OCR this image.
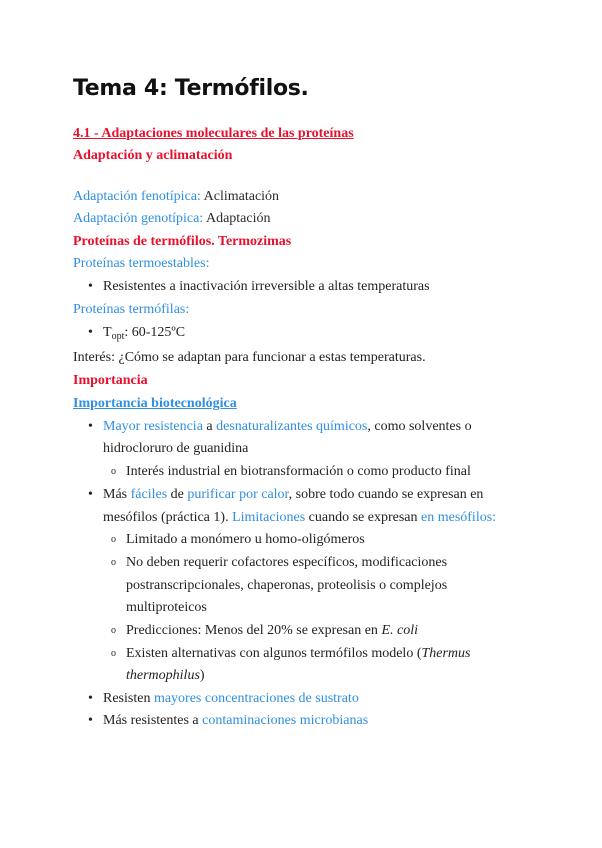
Tema 4: Termófilos.
4.1 - Adaptaciones moleculares de las proteínas
Adaptación y aclimatación
Adaptación fenotípica: Aclimatación
Adaptación genotípica: Adaptación
Proteínas de termófilos. Termozimas
Proteínas termoestables:
• Resistentes a inactivación irreversible a altas temperaturas
Proteínas termófilas:
• $T_{opt}$: 60-125ºC
Interés: ¿Cómo se adaptan para funcionar a estas temperaturas.
Importancia
Importancia biotecnológica
• Mayor resistencia a desnaturalizantes químicos, como solventes o
hidrocloruro de guanidina
o Interés industrial en biotransformación o como producto final
• Más fáciles de purificar por calor, sobre todo cuando se expresan en
mesófilos (práctica 1). Limitaciones cuando se expresan en mesófilos:
o Limitado a monómero u homo-oligómeros
o No deben requerir cofactores específicos, modificaciones
postranscripcionales, chaperonas, proteolisis o complejos
multiproteicos
o Predicciones: Menos del 20% se expresan en E. coli
o Existen alternativas con algunos termófilos modelo (Thermus
thermophilus)
• Resisten mayores concentraciones de sustrato
• Más resistentes a contaminaciones microbianas
